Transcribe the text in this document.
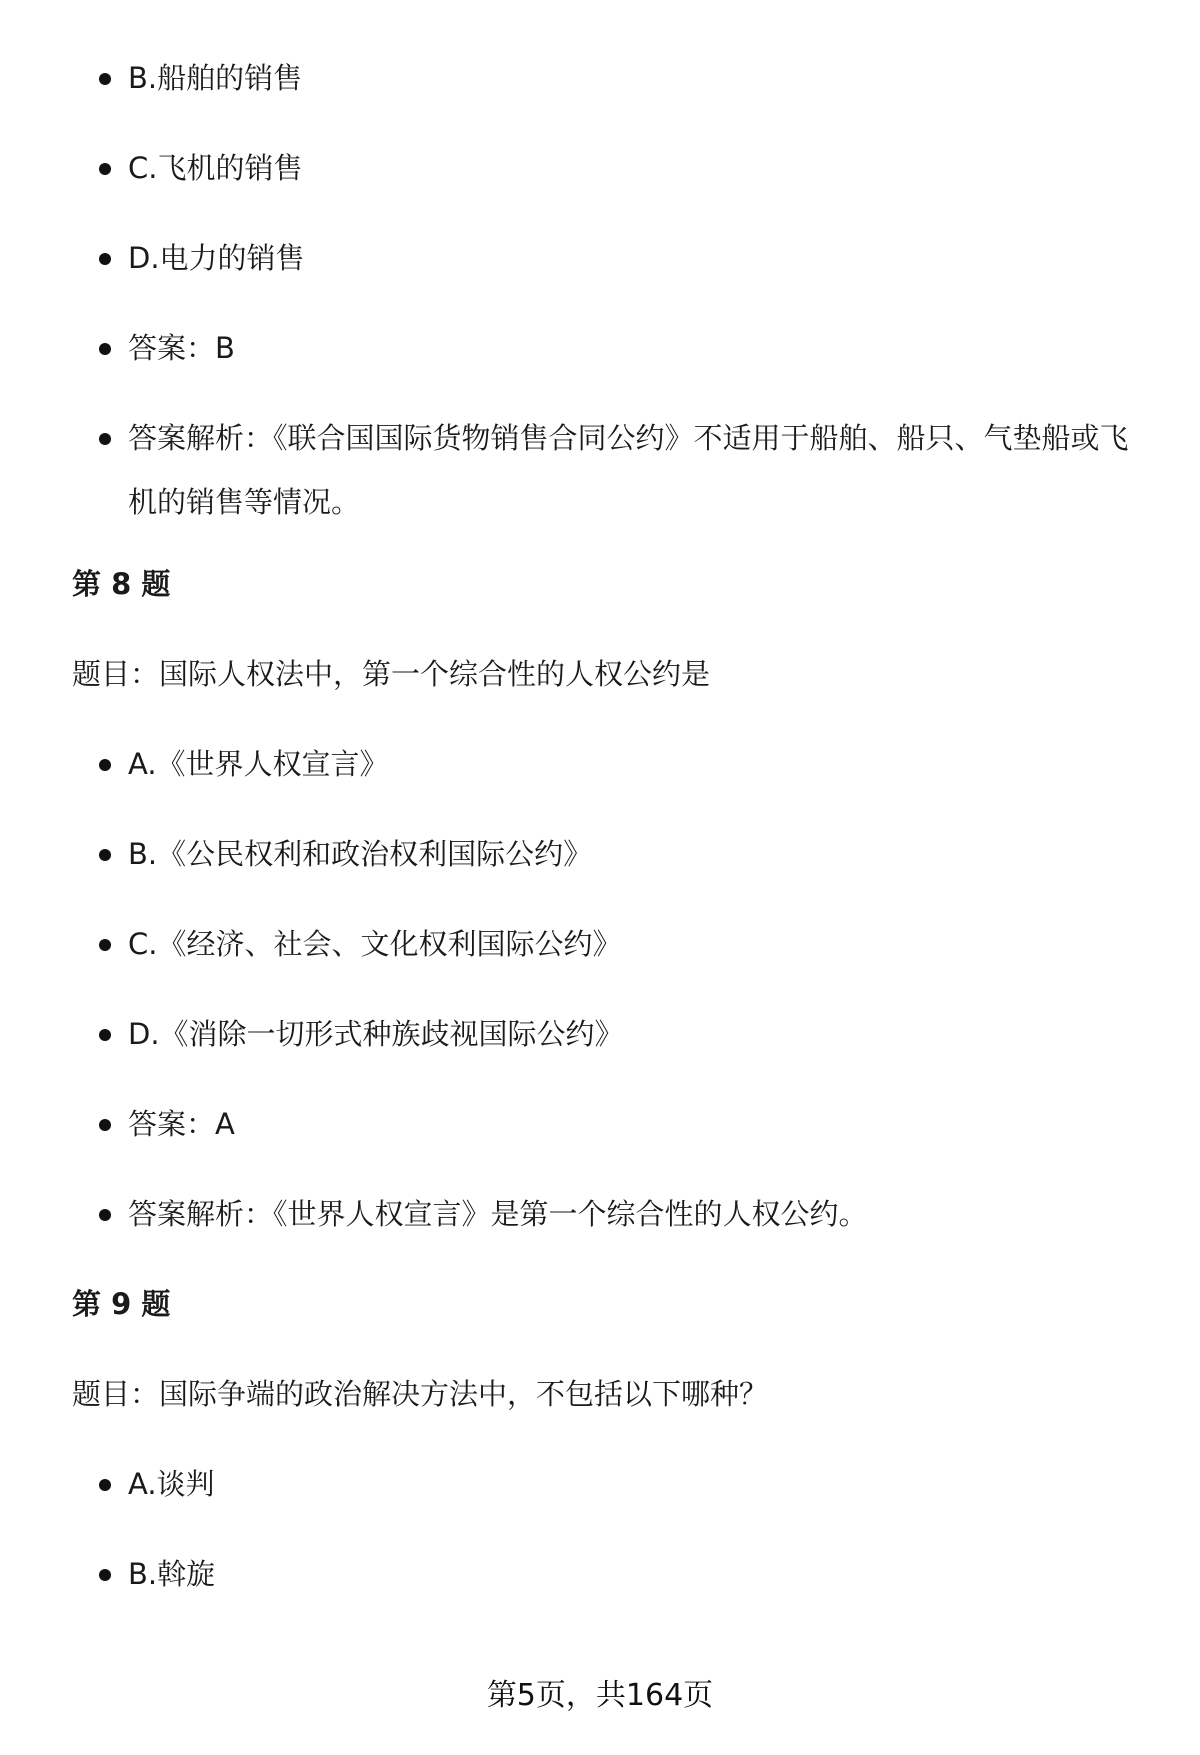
B.船舶的销售
C.飞机的销售
D.电力的销售
答案：B
答案解析：《联合国国际货物销售合同公约》不适用于船舶、船只、气垫船或飞机的销售等情况。
第 8 题
题目：国际人权法中，第一个综合性的人权公约是
A.《世界人权宣言》
B.《公民权利和政治权利国际公约》
C.《经济、社会、文化权利国际公约》
D.《消除一切形式种族歧视国际公约》
答案：A
答案解析：《世界人权宣言》是第一个综合性的人权公约。
第 9 题
题目：国际争端的政治解决方法中，不包括以下哪种？
A.谈判
B.斡旋
第5页，共164页
